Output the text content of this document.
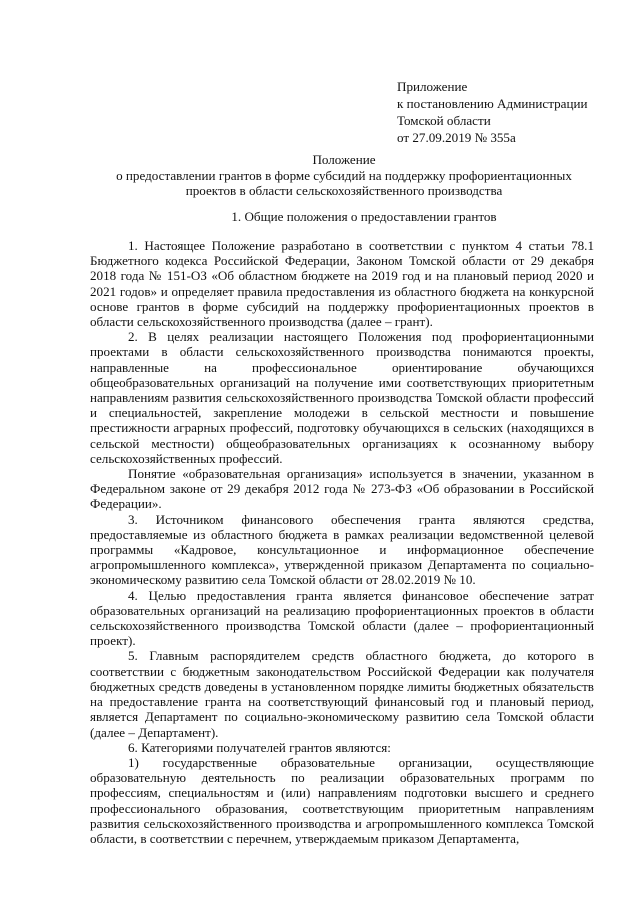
Приложение
к постановлению Администрации
Томской области
от 27.09.2019 № 355а
Положение
о предоставлении грантов в форме субсидий на поддержку профориентационных
проектов в области сельскохозяйственного производства
1. Общие положения о предоставлении грантов

1. Настоящее Положение разработано в соответствии с пунктом 4 статьи 78.1 Бюджетного кодекса Российской Федерации, Законом Томской области от 29 декабря 2018 года № 151-ОЗ «Об областном бюджете на 2019 год и на плановый период 2020 и 2021 годов» и определяет правила предоставления из областного бюджета на конкурсной основе грантов в форме субсидий на поддержку профориентационных проектов в области сельскохозяйственного производства (далее – грант).

2. В целях реализации настоящего Положения под профориентационными проектами в области сельскохозяйственного производства понимаются проекты, направленные на профессиональное ориентирование обучающихся общеобразовательных организаций на получение ими соответствующих приоритетным направлениям развития сельскохозяйственного производства Томской области профессий и специальностей, закрепление молодежи в сельской местности и повышение престижности аграрных профессий, подготовку обучающихся в сельских (находящихся в сельской местности) общеобразовательных организациях к осознанному выбору сельскохозяйственных профессий.

Понятие «образовательная организация» используется в значении, указанном в Федеральном законе от 29 декабря 2012 года № 273-ФЗ «Об образовании в Российской Федерации».

3. Источником финансового обеспечения гранта являются средства, предоставляемые из областного бюджета в рамках реализации ведомственной целевой программы «Кадровое, консультационное и информационное обеспечение агропромышленного комплекса», утвержденной приказом Департамента по социально-экономическому развитию села Томской области от 28.02.2019 № 10.

4. Целью предоставления гранта является финансовое обеспечение затрат образовательных организаций на реализацию профориентационных проектов в области сельскохозяйственного производства Томской области (далее – профориентационный проект).

5. Главным распорядителем средств областного бюджета, до которого в соответствии с бюджетным законодательством Российской Федерации как получателя бюджетных средств доведены в установленном порядке лимиты бюджетных обязательств на предоставление гранта на соответствующий финансовый год и плановый период, является Департамент по социально-экономическому развитию села Томской области (далее – Департамент).

6. Категориями получателей грантов являются:

1) государственные образовательные организации, осуществляющие образовательную деятельность по реализации образовательных программ по профессиям, специальностям и (или) направлениям подготовки высшего и среднего профессионального образования, соответствующим приоритетным направлениям развития сельскохозяйственного производства и агропромышленного комплекса Томской области, в соответствии с перечнем, утверждаемым приказом Департамента,
